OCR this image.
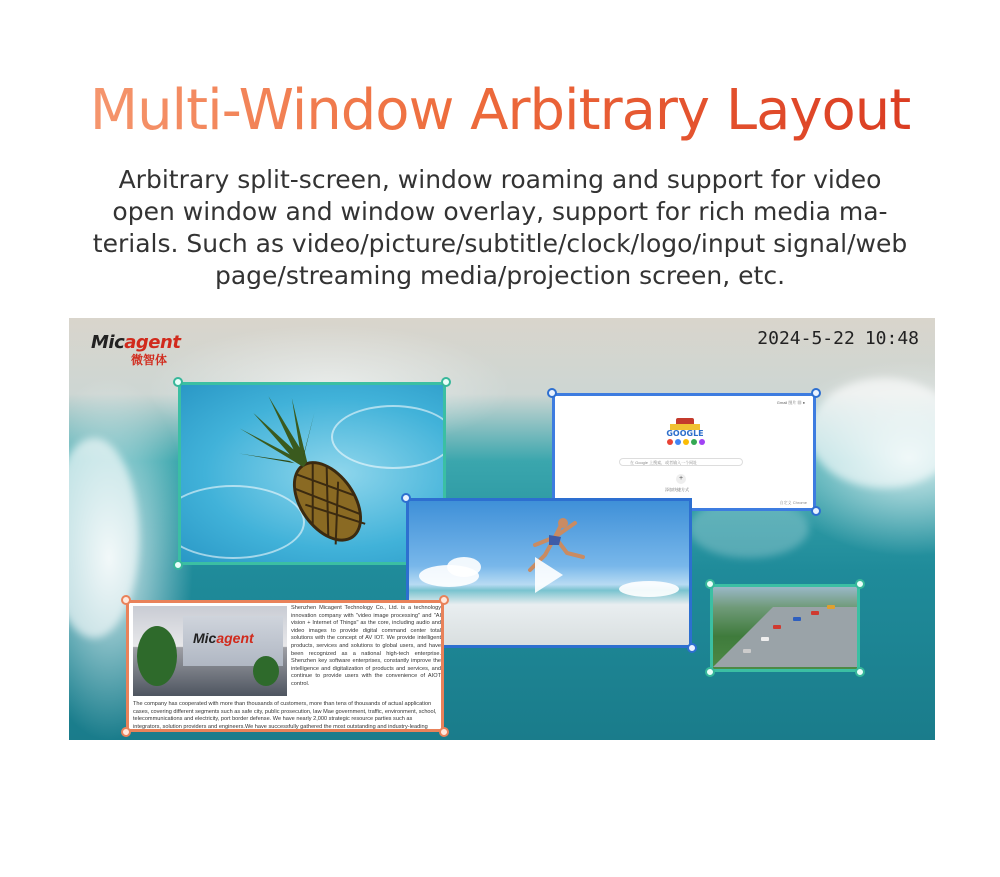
Multi-Window Arbitrary Layout
Arbitrary split-screen, window roaming and support for video
open window and window overlay, support for rich media ma-
terials. Such as video/picture/subtitle/clock/logo/input signal/web
page/streaming media/projection screen, etc.
Micagent
微智体
2024-5-22 10:48
Gmail 图片 ▦ ●
GOOGLE
在 Google 上搜索，或者输入一个网址
+
添加快捷方式
自定义 Chrome
Micagent
Shenzhen Micagent Technology Co., Ltd. is a technology innovation company with "video image processing" and "AI vision + Internet of Things" as the core, including audio and video images to provide digital command center total solutions with the concept of AV IOT. We provide intelligent products, services and solutions to global users, and have been recognized as a national high-tech enterprise. Shenzhen key software enterprises, constantly improve the intelligence and digitalization of products and services, and continue to provide users with the convenience of AIOT control.
The company has cooperated with more than thousands of customers, more than tens of thousands of actual application cases, covering different segments such as safe city, public prosecution, law Mae government, traffic, environment, school, telecommunications and electricity, port border defense. We have nearly 2,000 strategic resource parties such as integrators, solution providers and engineers.We have successfully gathered the most outstanding and industry-leading
